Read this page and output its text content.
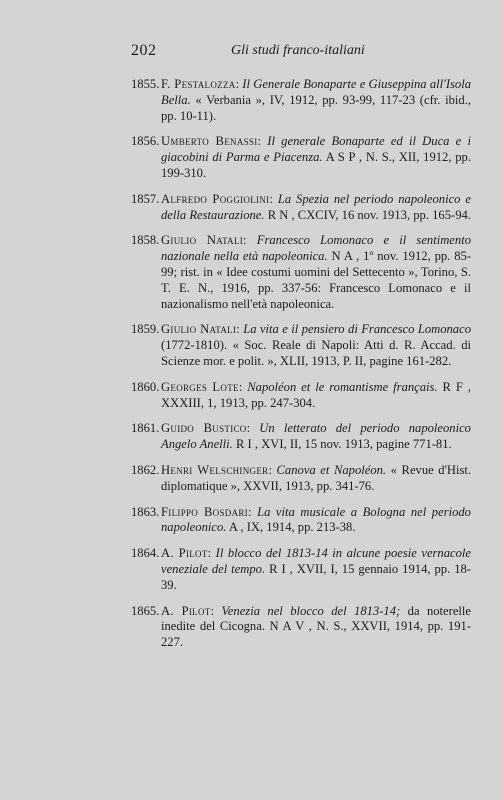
202	Gli studi franco-italiani
1855. F. Pestalozza: Il Generale Bonaparte e Giuseppina all'Isola Bella. « Verbania », IV, 1912, pp. 93-99, 117-23 (cfr. ibid., pp. 10-11).
1856. Umberto Benassi: Il generale Bonaparte ed il Duca e i giacobini di Parma e Piacenza. A S P , N. S., XII, 1912, pp. 199-310.
1857. Alfredo Poggiolini: La Spezia nel periodo napoleonico e della Restaurazione. R N , CXCIV, 16 nov. 1913, pp. 165-94.
1858. Giulio Natali: Francesco Lomonaco e il sentimento nazionale nella età napoleonica. N A , 1º nov. 1912, pp. 85-99; rist. in « Idee costumi uomini del Settecento », Torino, S. T. E. N., 1916, pp. 337-56: Francesco Lomonaco e il nazionalismo nell'età napoleonica.
1859. Giulio Natali: La vita e il pensiero di Francesco Lomonaco (1772-1810). « Soc. Reale di Napoli: Atti d. R. Accad. di Scienze mor. e polit. », XLII, 1913, P. II, pagine 161-282.
1860. Georges Lote: Napoléon et le romantisme français. R F , XXXIII, 1, 1913, pp. 247-304.
1861. Guido Bustico: Un letterato del periodo napoleonico Angelo Anelli. R I , XVI, II, 15 nov. 1913, pagine 771-81.
1862. Henri Welschinger: Canova et Napoléon. « Revue d'Hist. diplomatique », XXVII, 1913, pp. 341-76.
1863. Filippo Bosdari: La vita musicale a Bologna nel periodo napoleonico. A , IX, 1914, pp. 213-38.
1864. A. Pilot: Il blocco del 1813-14 in alcune poesie vernacole veneziale del tempo. R I , XVII, I, 15 gennaio 1914, pp. 18-39.
1865. A. Pilot: Venezia nel blocco del 1813-14; da noterelle inedite del Cicogna. N A V , N. S., XXVII, 1914, pp. 191-227.
